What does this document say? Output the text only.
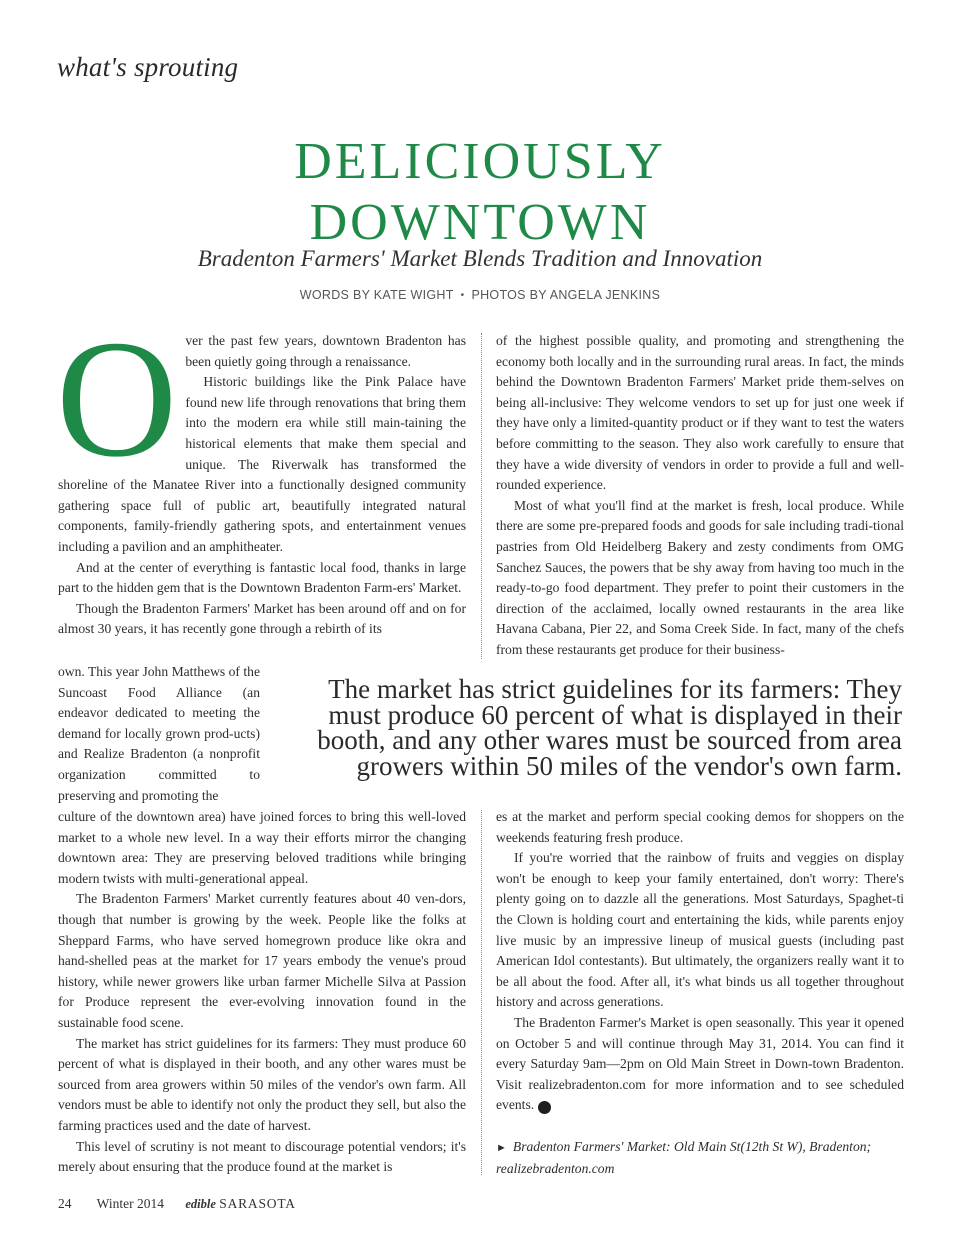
what's sprouting
DELICIOUSLY
DOWNTOWN
Bradenton Farmers' Market Blends Tradition and Innovation
WORDS BY KATE WIGHT • PHOTOS BY ANGELA JENKINS
O ver the past few years, downtown Bradenton has been quietly going through a renaissance.

Historic buildings like the Pink Palace have found new life through renovations that bring them into the modern era while still main-taining the historical elements that make them special and unique. The Riverwalk has transformed the shoreline of the Manatee River into a functionally designed community gathering space full of public art, beautifully integrated natural components, family-friendly gathering spots, and entertainment venues including a pavilion and an amphitheater.

And at the center of everything is fantastic local food, thanks in large part to the hidden gem that is the Downtown Bradenton Farm-ers' Market.

Though the Bradenton Farmers' Market has been around off and on for almost 30 years, it has recently gone through a rebirth of its

own. This year John Matthews of the Suncoast Food Alliance (an endeavor dedicated to meeting the demand for locally grown prod-ucts) and Realize Bradenton (a nonprofit organization committed to preserving and promoting the

The market has strict guidelines for its farmers: They must produce 60 percent of what is displayed in their booth, and any other wares must be sourced from area growers within 50 miles of the vendor's own farm.

culture of the downtown area) have joined forces to bring this well-loved market to a whole new level. In a way their efforts mirror the changing downtown area: They are preserving beloved traditions while bringing modern twists with multi-generational appeal.

The Bradenton Farmers' Market currently features about 40 ven-dors, though that number is growing by the week. People like the folks at Sheppard Farms, who have served homegrown produce like okra and hand-shelled peas at the market for 17 years embody the venue's proud history, while newer growers like urban farmer Michelle Silva at Passion for Produce represent the ever-evolving innovation found in the sustainable food scene.

The market has strict guidelines for its farmers: They must produce 60 percent of what is displayed in their booth, and any other wares must be sourced from area growers within 50 miles of the vendor's own farm. All vendors must be able to identify not only the product they sell, but also the farming practices used and the date of harvest.

This level of scrutiny is not meant to discourage potential vendors; it's merely about ensuring that the produce found at the market is

of the highest possible quality, and promoting and strengthening the economy both locally and in the surrounding rural areas. In fact, the minds behind the Downtown Bradenton Farmers' Market pride them-selves on being all-inclusive: They welcome vendors to set up for just one week if they have only a limited-quantity product or if they want to test the waters before committing to the season. They also work carefully to ensure that they have a wide diversity of vendors in order to provide a full and well-rounded experience.

Most of what you'll find at the market is fresh, local produce. While there are some pre-prepared foods and goods for sale including tradi-tional pastries from Old Heidelberg Bakery and zesty condiments from OMG Sanchez Sauces, the powers that be shy away from having too much in the ready-to-go food department. They prefer to point their customers in the direction of the acclaimed, locally owned restaurants in the area like Havana Cabana, Pier 22, and Soma Creek Side. In fact, many of the chefs from these restaurants get produce for their business-

es at the market and perform special cooking demos for shoppers on the weekends featuring fresh produce.

If you're worried that the rainbow of fruits and veggies on display won't be enough to keep your family entertained, don't worry: There's plenty going on to dazzle all the generations. Most Saturdays, Spaghet-ti the Clown is holding court and entertaining the kids, while parents enjoy live music by an impressive lineup of musical guests (including past American Idol contestants). But ultimately, the organizers really want it to be all about the food. After all, it's what binds us all together throughout history and across generations.

The Bradenton Farmer's Market is open seasonally. This year it opened on October 5 and will continue through May 31, 2014. You can find it every Saturday 9am—2pm on Old Main Street in Down-town Bradenton. Visit realizebradenton.com for more information and to see scheduled events. e

► Bradenton Farmers' Market: Old Main St(12th St W), Bradenton; realizebradenton.com
24 Winter 2014 edible SARASOTA
